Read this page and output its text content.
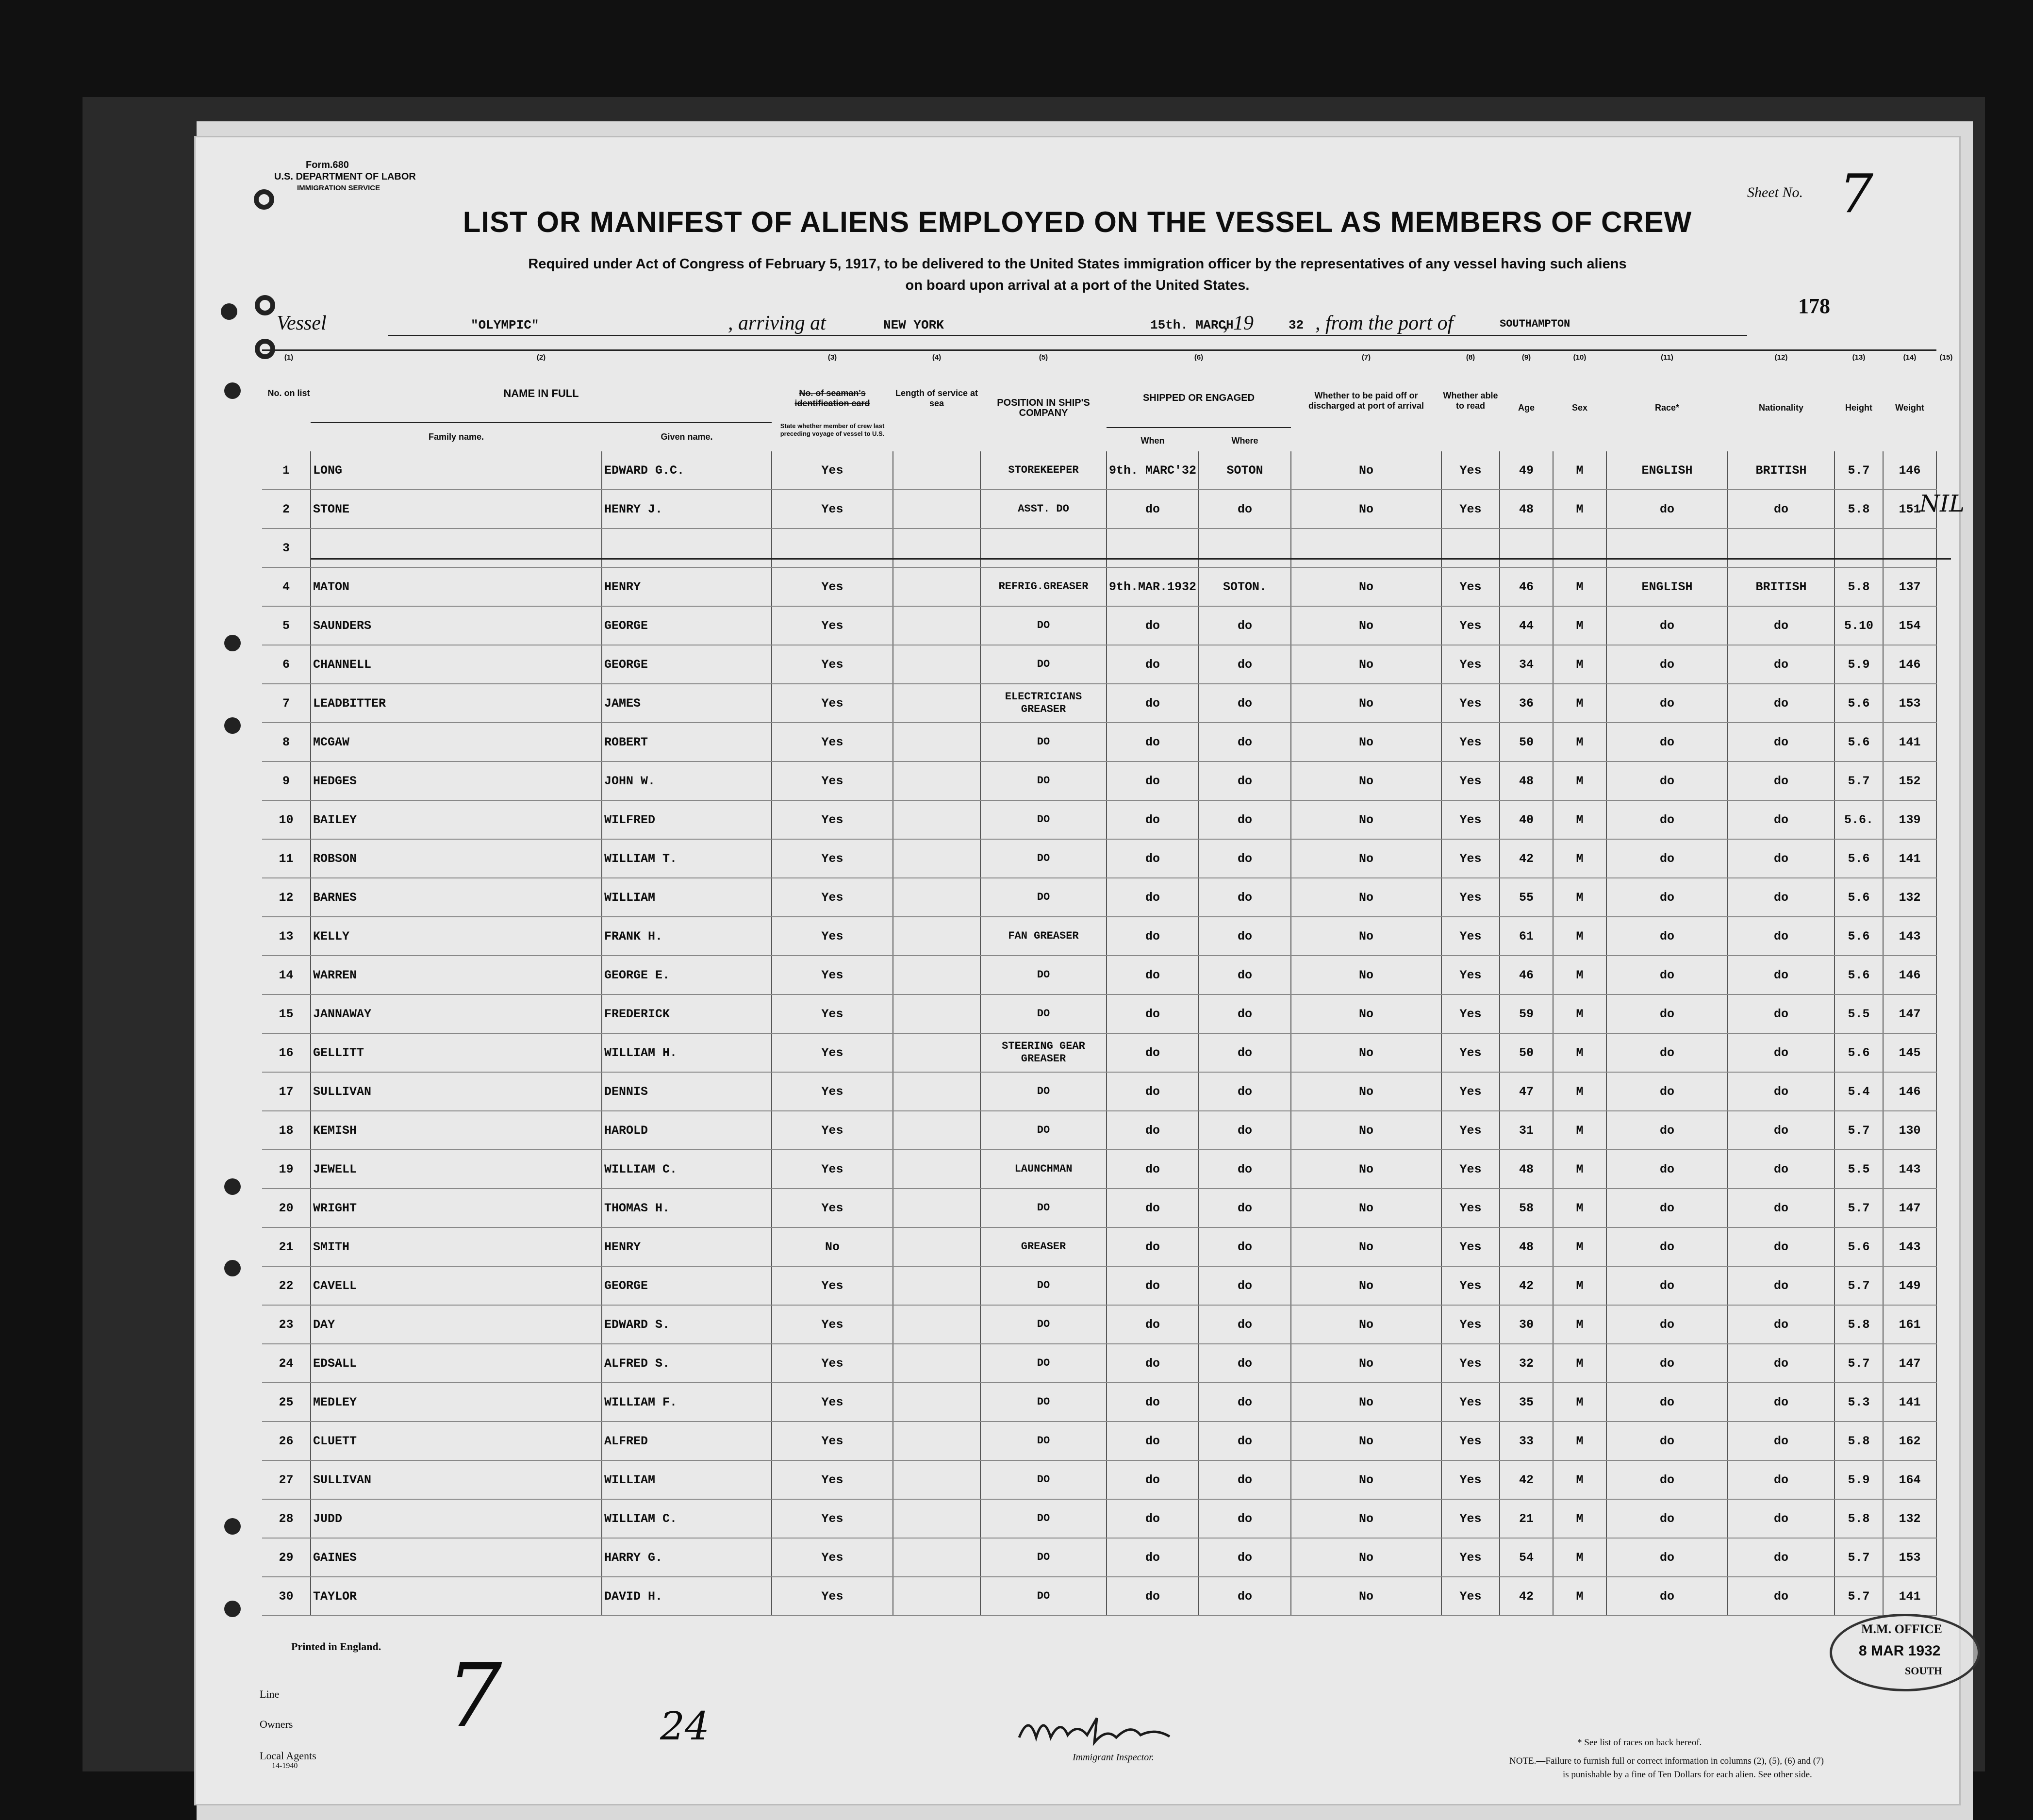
Form.680
U.S. DEPARTMENT OF LABOR
IMMIGRATION SERVICE	Sheet No. 7
178
LIST OR MANIFEST OF ALIENS EMPLOYED ON THE VESSEL AS MEMBERS OF CREW
Required under Act of Congress of February 5, 1917, to be delivered to the United States immigration officer by the representatives of any vessel having such aliens
on board upon arrival at a port of the United States.
Vessel	"OLYMPIC"	, arriving at	NEW YORK	15th. MARCH
, 19	32 , from the port of	SOUTHAMPTON
(1)
No. on list
(2)
NAME IN FULL
Family name.	Given name.
(3)
No. of seaman's identification card
State whether member of crew last preceding voyage of vessel to U.S.
(4)
Length of service at sea
(5)
POSITION IN SHIP'S COMPANY
(6)
SHIPPED OR ENGAGED
When	Where
(7)
Whether to be paid off or discharged at port of arrival
(8)
Whether able to read
(9)
Age
(10)
Sex
(11)
Race*
(12)
Nationality
(13)
Height
(14)
Weight
(15)
1	LONG	EDWARD G.C.	Yes		STOREKEEPER	9th. MARC'32	SOTON	No	Yes	49	M	ENGLISH	BRITISH	5.7	146
2	STONE	HENRY J.	Yes		ASST. DO	do	do	No	Yes	48	M	do	do	5.8	151
3															
4	MATON	HENRY	Yes		REFRIG.GREASER	9th.MAR.1932	SOTON.	No	Yes	46	M	ENGLISH	BRITISH	5.8	137
5	SAUNDERS	GEORGE	Yes		DO	do	do	No	Yes	44	M	do	do	5.10	154
6	CHANNELL	GEORGE	Yes		DO	do	do	No	Yes	34	M	do	do	5.9	146
7	LEADBITTER	JAMES	Yes		ELECTRICIANS GREASER	do	do	No	Yes	36	M	do	do	5.6	153
8	MCGAW	ROBERT	Yes		DO	do	do	No	Yes	50	M	do	do	5.6	141
9	HEDGES	JOHN W.	Yes		DO	do	do	No	Yes	48	M	do	do	5.7	152
10	BAILEY	WILFRED	Yes		DO	do	do	No	Yes	40	M	do	do	5.6.	139
11	ROBSON	WILLIAM T.	Yes		DO	do	do	No	Yes	42	M	do	do	5.6	141
12	BARNES	WILLIAM	Yes		DO	do	do	No	Yes	55	M	do	do	5.6	132
13	KELLY	FRANK H.	Yes		FAN GREASER	do	do	No	Yes	61	M	do	do	5.6	143
14	WARREN	GEORGE E.	Yes		DO	do	do	No	Yes	46	M	do	do	5.6	146
15	JANNAWAY	FREDERICK	Yes		DO	do	do	No	Yes	59	M	do	do	5.5	147
16	GELLITT	WILLIAM H.	Yes		STEERING GEAR GREASER	do	do	No	Yes	50	M	do	do	5.6	145
17	SULLIVAN	DENNIS	Yes		DO	do	do	No	Yes	47	M	do	do	5.4	146
18	KEMISH	HAROLD	Yes		DO	do	do	No	Yes	31	M	do	do	5.7	130
19	JEWELL	WILLIAM C.	Yes		LAUNCHMAN	do	do	No	Yes	48	M	do	do	5.5	143
20	WRIGHT	THOMAS H.	Yes		DO	do	do	No	Yes	58	M	do	do	5.7	147
21	SMITH	HENRY	No		GREASER	do	do	No	Yes	48	M	do	do	5.6	143
22	CAVELL	GEORGE	Yes		DO	do	do	No	Yes	42	M	do	do	5.7	149
23	DAY	EDWARD S.	Yes		DO	do	do	No	Yes	30	M	do	do	5.8	161
24	EDSALL	ALFRED S.	Yes		DO	do	do	No	Yes	32	M	do	do	5.7	147
25	MEDLEY	WILLIAM F.	Yes		DO	do	do	No	Yes	35	M	do	do	5.3	141
26	CLUETT	ALFRED	Yes		DO	do	do	No	Yes	33	M	do	do	5.8	162
27	SULLIVAN	WILLIAM	Yes		DO	do	do	No	Yes	42	M	do	do	5.9	164
28	JUDD	WILLIAM C.	Yes		DO	do	do	No	Yes	21	M	do	do	5.8	132
29	GAINES	HARRY G.	Yes		DO	do	do	No	Yes	54	M	do	do	5.7	153
30	TAYLOR	DAVID H.	Yes		DO	do	do	No	Yes	42	M	do	do	5.7	141
NIL
Printed in England.
Line
Owners
Local Agents
14-1940
7	24
Immigrant Inspector.
* See list of races on back hereof.
NOTE.—Failure to furnish full or correct information in columns (2), (5), (6) and (7)
is punishable by a fine of Ten Dollars for each alien. See other side.
M.M. OFFICE
8 MAR 1932
SOUTH
